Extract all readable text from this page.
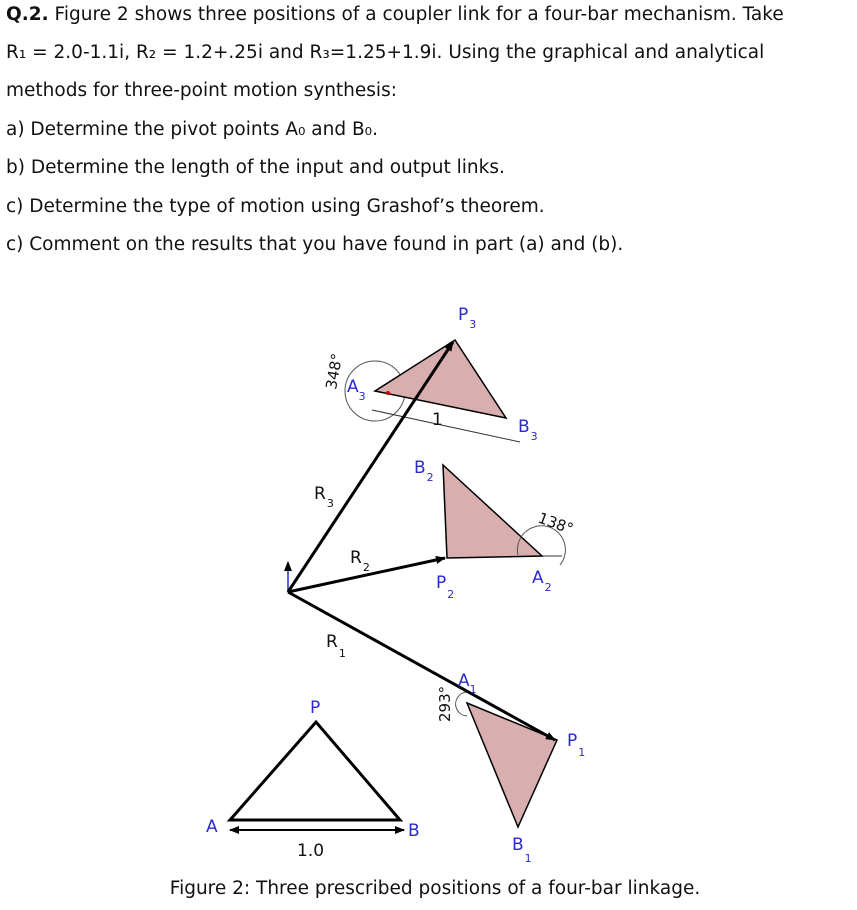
Q.2. Figure 2 shows three positions of a coupler link for a four-bar mechanism. Take
R₁ = 2.0-1.1i, R₂ = 1.2+.25i and R₃=1.25+1.9i. Using the graphical and analytical
methods for three-point motion synthesis:
a) Determine the pivot points A₀ and B₀.
b) Determine the length of the input and output links.
c) Determine the type of motion using Grashof’s theorem.
c) Comment on the results that you have found in part (a) and (b).
1
$P_3$
$A_3$
$B_3$
$B_2$
$P_2$
$A_2$
$A_1$
$P_1$
$B_1$
$R_3$
$R_2$
$R_1$
348°
138°
293°
A	B
P
1.0
Figure 2: Three prescribed positions of a four-bar linkage.
